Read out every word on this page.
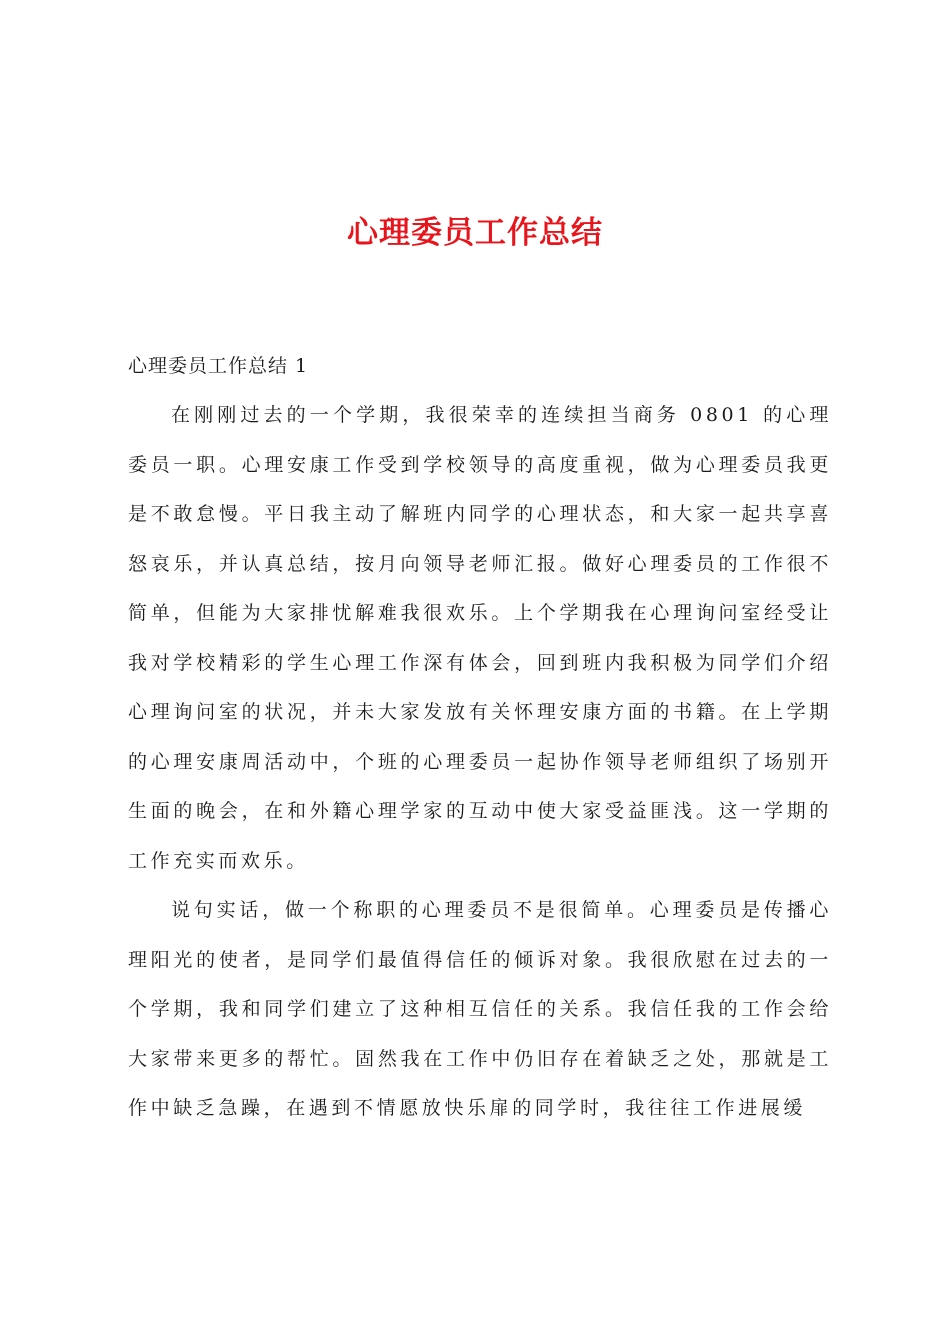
心理委员工作总结

心理委员工作总结 1

在刚刚过去的一个学期，我很荣幸的连续担当商务 0801 的心理委员一职。心理安康工作受到学校领导的高度重视，做为心理委员我更是不敢怠慢。平日我主动了解班内同学的心理状态，和大家一起共享喜怒哀乐，并认真总结，按月向领导老师汇报。做好心理委员的工作很不简单，但能为大家排忧解难我很欢乐。上个学期我在心理询问室经受让我对学校精彩的学生心理工作深有体会，回到班内我积极为同学们介绍心理询问室的状况，并未大家发放有关怀理安康方面的书籍。在上学期的心理安康周活动中，个班的心理委员一起协作领导老师组织了场别开生面的晚会，在和外籍心理学家的互动中使大家受益匪浅。这一学期的工作充实而欢乐。

说句实话，做一个称职的心理委员不是很简单。心理委员是传播心理阳光的使者，是同学们最值得信任的倾诉对象。我很欣慰在过去的一个学期，我和同学们建立了这种相互信任的关系。我信任我的工作会给大家带来更多的帮忙。固然我在工作中仍旧存在着缺乏之处，那就是工作中缺乏急躁，在遇到不情愿放快乐扉的同学时，我往往工作进展缓
